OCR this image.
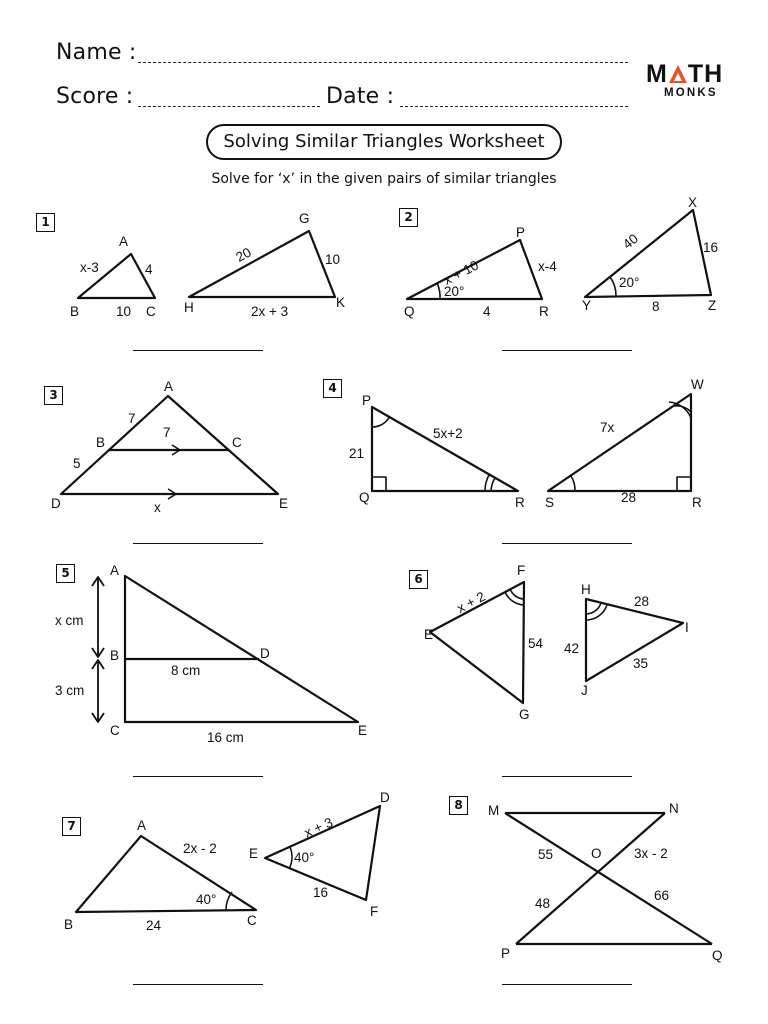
Name :
Score :	Date :
M TH
MONKS
Solving Similar Triangles Worksheet
Solve for ‘x’ in the given pairs of similar triangles
1	2
3	4
5	6
7
8
A
x-3	4
B	10 C
G
20	10
H	2x + 3
K
P
x + 10	x-4
20°
Q	4	R
X
40	16
20°
Y	8	Z
A
7
B
7
C
5
D	x	E
P
5x+2
21
Q	R
W
7x
S	28	R
A
x cm
B	D
8 cm
3 cm
C	16 cm	E
F
x + 2
E
54
G
H
28
I
42
35
J
A
2x - 2
40°
B	24	C
D
x + 3
E	40°
16
F
M	N
55	O 3x - 2
66
48
P	Q
